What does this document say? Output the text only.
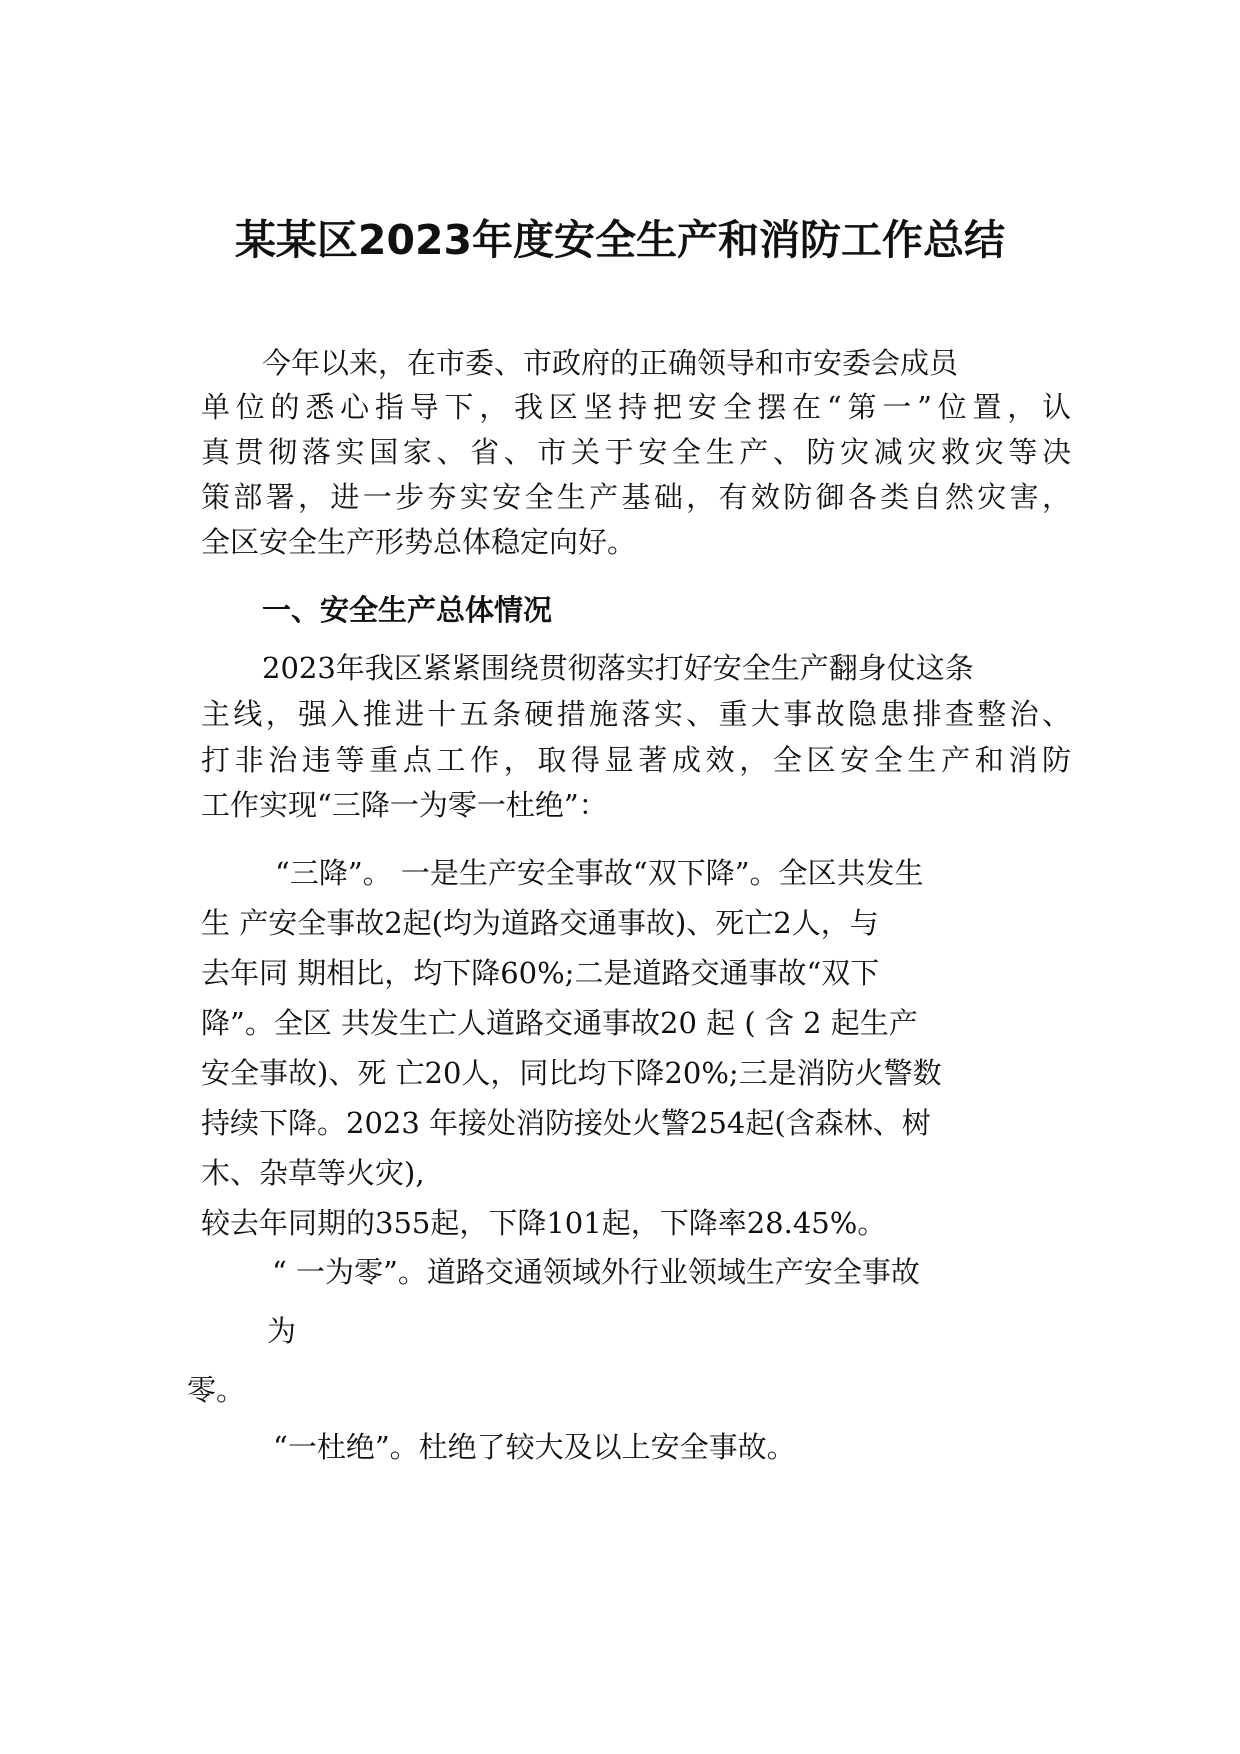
某某区2023年度安全生产和消防工作总结
今年以来，在市委、市政府的正确领导和市安委会成员
单位的悉心指导下，我区坚持把安全摆在“第一”位置，认
真贯彻落实国家、省、市关于安全生产、防灾减灾救灾等决
策部署，进一步夯实安全生产基础，有效防御各类自然灾害，
全区安全生产形势总体稳定向好。
一、安全生产总体情况
2023年我区紧紧围绕贯彻落实打好安全生产翻身仗这条
主线，强入推进十五条硬措施落实、重大事故隐患排查整治、
打非治违等重点工作，取得显著成效，全区安全生产和消防
工作实现“三降一为零一杜绝”：
“三降”。 一是生产安全事故“双下降”。全区共发生
生 产安全事故2起(均为道路交通事故)、死亡2人，与
去年同 期相比，均下降60%;二是道路交通事故“双下
降”。全区 共发生亡人道路交通事故20 起 ( 含 2 起生产
安全事故)、死 亡20人，同比均下降20%;三是消防火警数
持续下降。2023 年接处消防接处火警254起(含森林、树
木、杂草等火灾),
较去年同期的355起，下降101起，下降率28.45%。
“ 一为零”。道路交通领域外行业领域生产安全事故
为
零。
“一杜绝”。杜绝了较大及以上安全事故。
